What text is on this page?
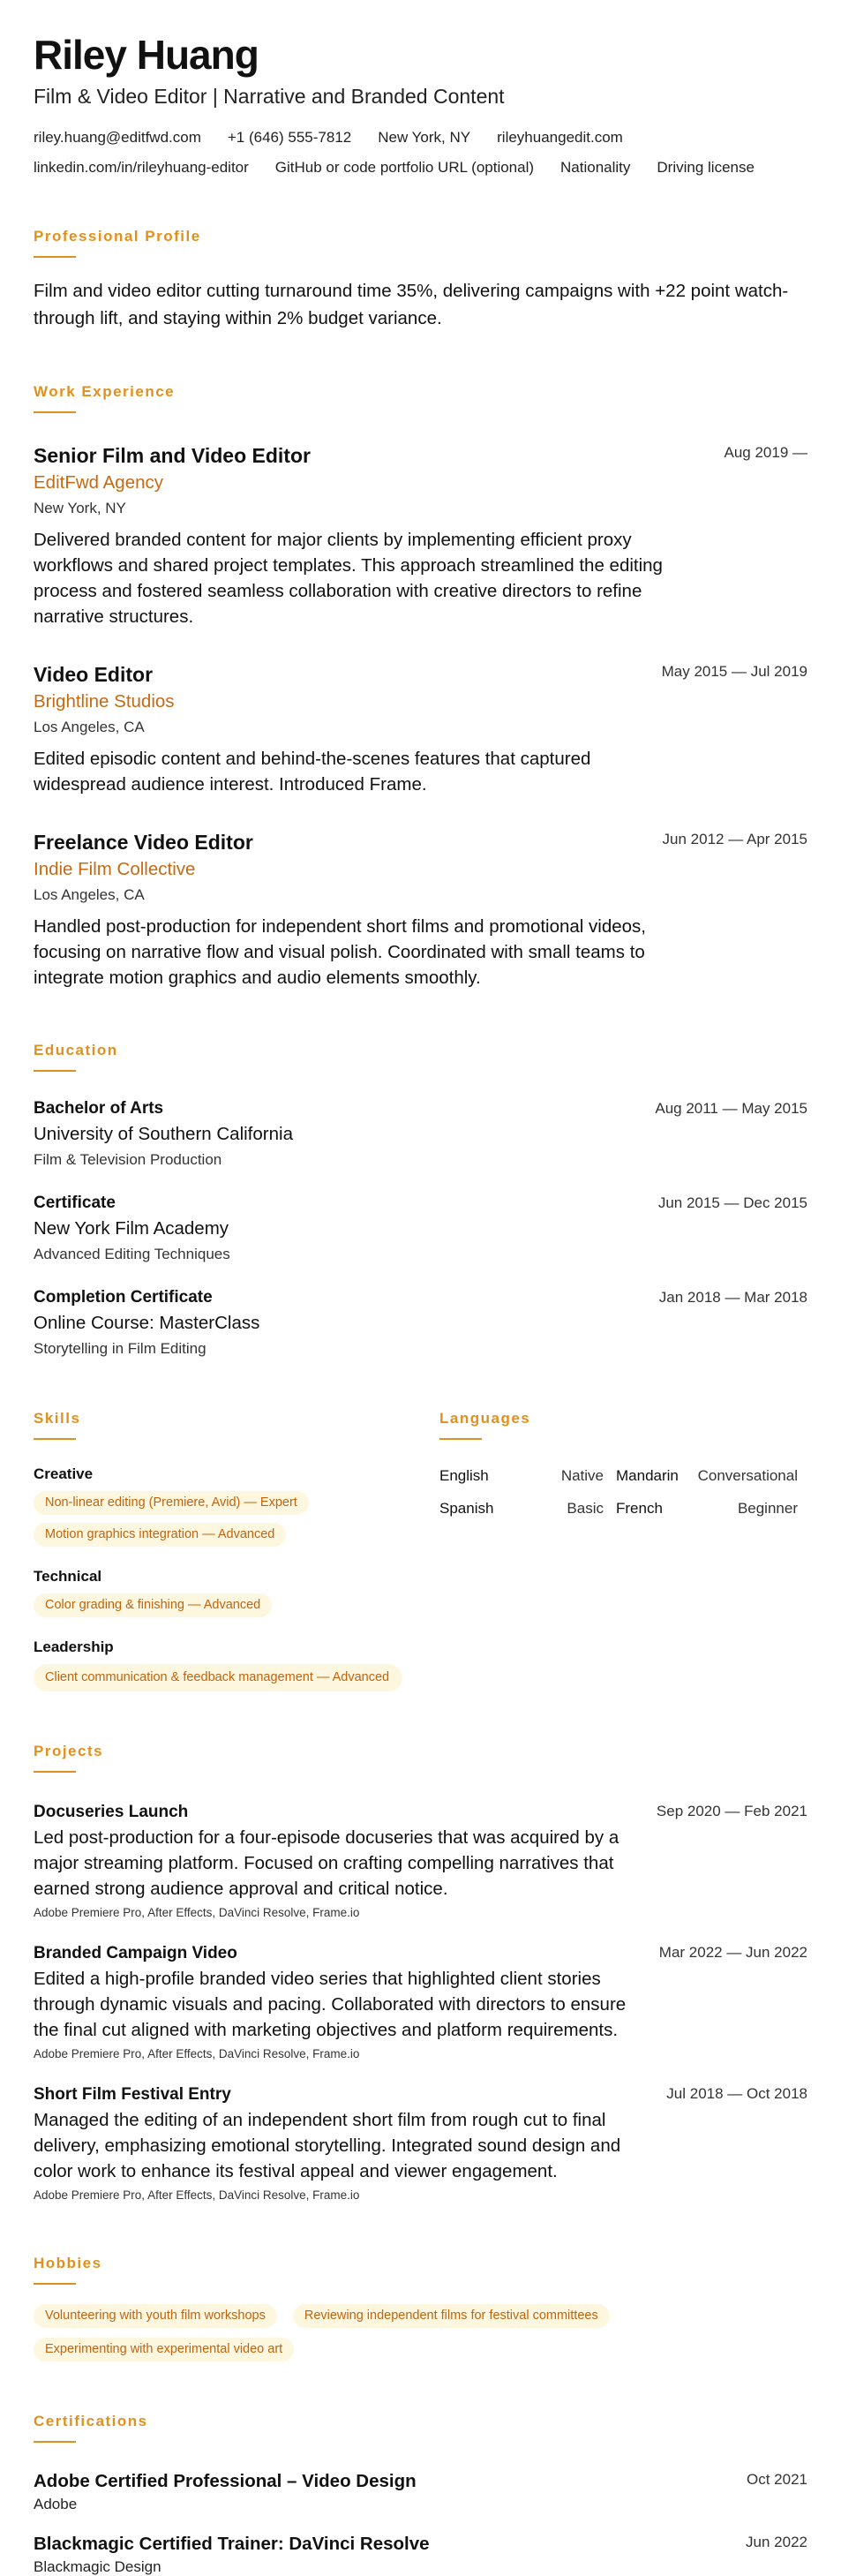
Riley Huang
Film & Video Editor | Narrative and Branded Content
riley.huang@editfwd.com +1 (646) 555-7812 New York, NY rileyhuangedit.com
linkedin.com/in/rileyhuang-editor GitHub or code portfolio URL (optional) Nationality Driving license
Professional Profile

Film and video editor cutting turnaround time 35%, delivering campaigns with +22 point watch-through lift, and staying within 2% budget variance.

Work Experience
Aug 2019 —
Senior Film and Video Editor
EditFwd Agency
New York, NY

Delivered branded content for major clients by implementing efficient proxy workflows and shared project templates. This approach streamlined the editing process and fostered seamless collaboration with creative directors to refine narrative structures.

May 2015 — Jul 2019
Video Editor
Brightline Studios
Los Angeles, CA

Edited episodic content and behind-the-scenes features that captured widespread audience interest. Introduced Frame.

Jun 2012 — Apr 2015
Freelance Video Editor
Indie Film Collective
Los Angeles, CA

Handled post-production for independent short films and promotional videos, focusing on narrative flow and visual polish. Coordinated with small teams to integrate motion graphics and audio elements smoothly.

Education
Aug 2011 — May 2015
Bachelor of Arts
University of Southern California
Film & Television Production
Jun 2015 — Dec 2015
Certificate
New York Film Academy
Advanced Editing Techniques
Jan 2018 — Mar 2018
Completion Certificate
Online Course: MasterClass
Storytelling in Film Editing
Skills
Creative
Non-linear editing (Premiere, Avid) — Expert
Motion graphics integration — Advanced
Technical
Color grading & finishing — Advanced
Leadership
Client communication & feedback management — Advanced
Languages
English	Native Mandarin Conversational
Spanish	Basic French	Beginner
Projects
Sep 2020 — Feb 2021
Docuseries Launch

Led post-production for a four-episode docuseries that was acquired by a major streaming platform. Focused on crafting compelling narratives that earned strong audience approval and critical notice.

Adobe Premiere Pro, After Effects, DaVinci Resolve, Frame.io
Mar 2022 — Jun 2022
Branded Campaign Video

Edited a high-profile branded video series that highlighted client stories through dynamic visuals and pacing. Collaborated with directors to ensure the final cut aligned with marketing objectives and platform requirements.

Adobe Premiere Pro, After Effects, DaVinci Resolve, Frame.io
Jul 2018 — Oct 2018
Short Film Festival Entry

Managed the editing of an independent short film from rough cut to final delivery, emphasizing emotional storytelling. Integrated sound design and color work to enhance its festival appeal and viewer engagement.

Adobe Premiere Pro, After Effects, DaVinci Resolve, Frame.io
Hobbies
Volunteering with youth film workshops	Reviewing independent films for festival committees
Experimenting with experimental video art
Certifications
Oct 2021
Adobe Certified Professional – Video Design
Adobe
Jun 2022
Blackmagic Certified Trainer: DaVinci Resolve
Blackmagic Design
